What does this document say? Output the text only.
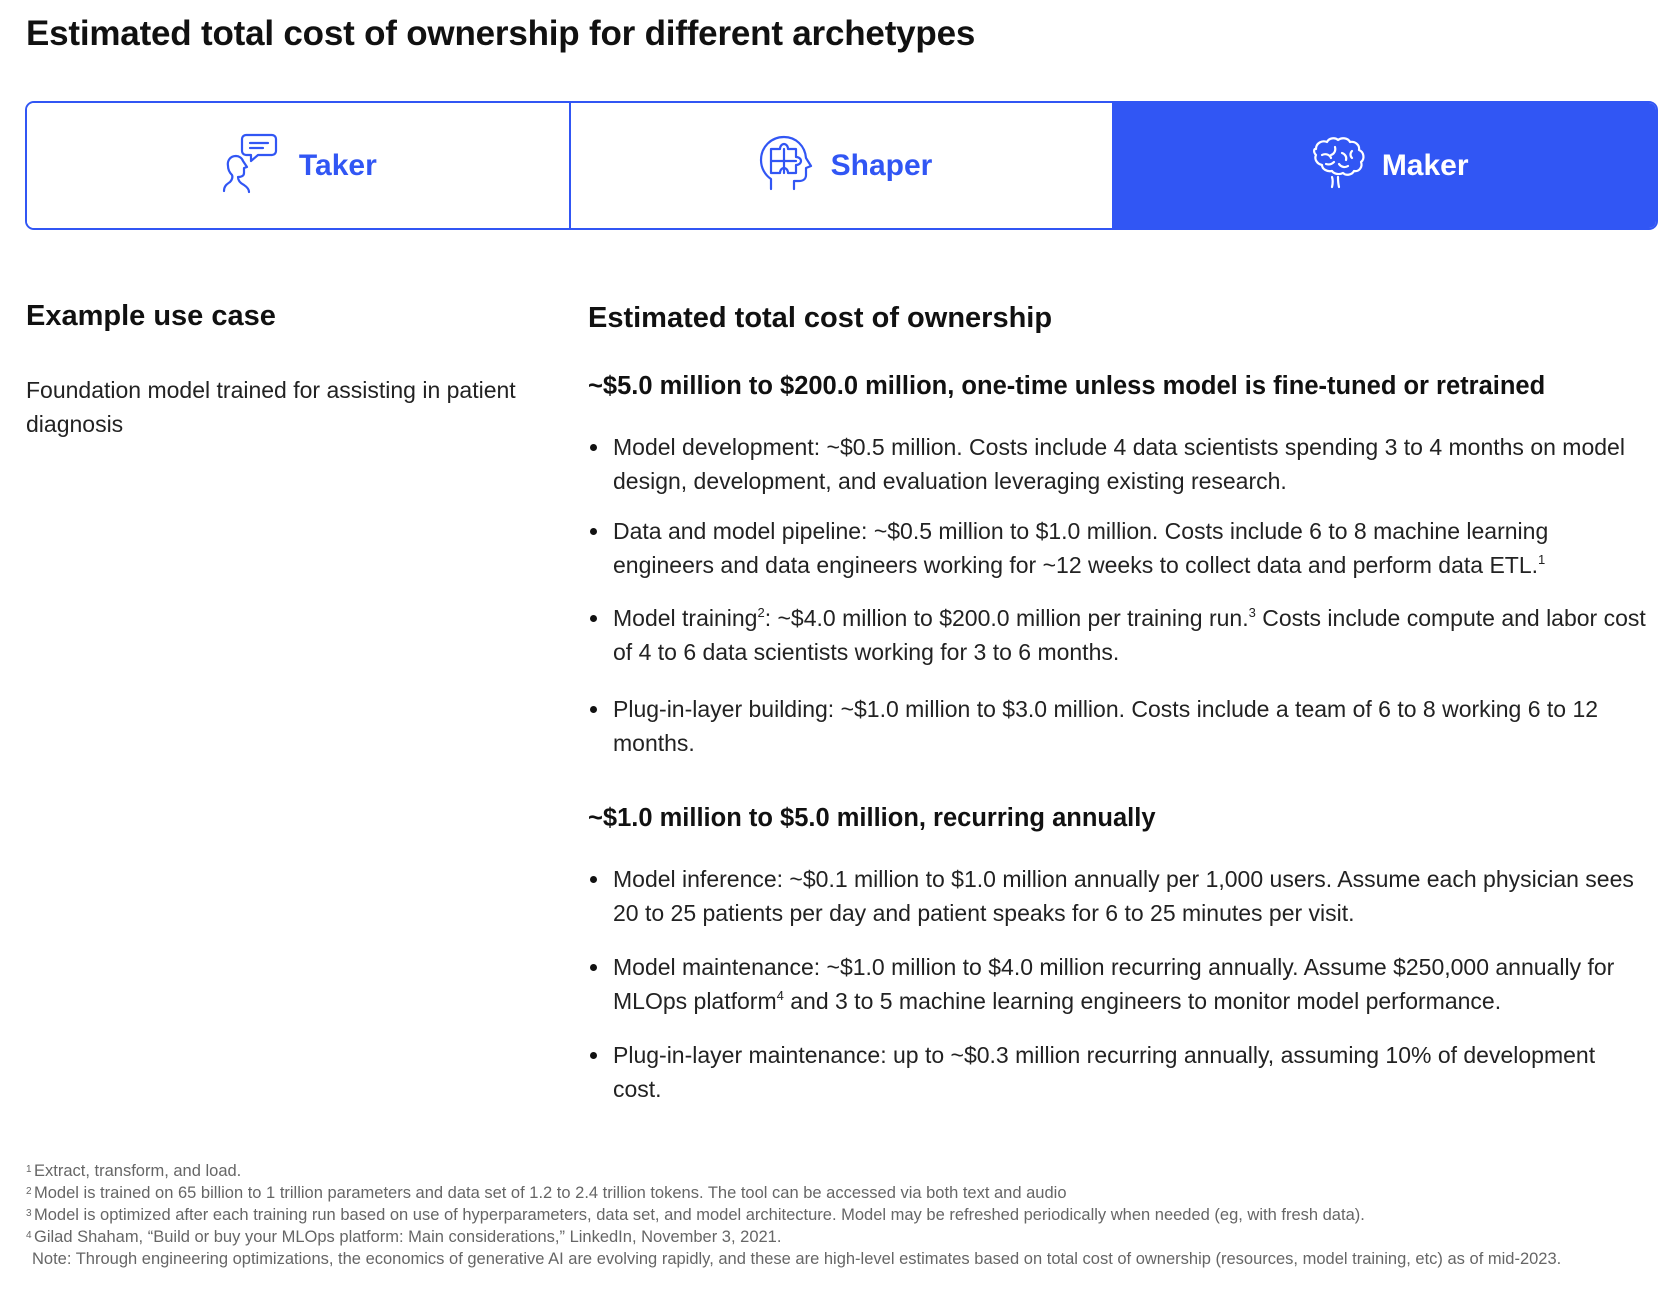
Estimated total cost of ownership for different archetypes
Taker	Shaper	Maker
Example use case

Foundation model trained for assisting in patient diagnosis

Estimated total cost of ownership
~$5.0 million to $200.0 million, one-time unless model is fine-tuned or retrained
Model development: ~$0.5 million. Costs include 4 data scientists spending 3 to 4 months on model design, development, and evaluation leveraging existing research.
Data and model pipeline: ~$0.5 million to $1.0 million. Costs include 6 to 8 machine learning engineers and data engineers working for ~12 weeks to collect data and perform data ETL.$^1$
Model training$^2$: ~$4.0 million to $200.0 million per training run.$^3$ Costs include compute and labor cost of 4 to 6 data scientists working for 3 to 6 months.
Plug-in-layer building: ~$1.0 million to $3.0 million. Costs include a team of 6 to 8 working 6 to 12 months.
~$1.0 million to $5.0 million, recurring annually
Model inference: ~$0.1 million to $1.0 million annually per 1,000 users. Assume each physician sees 20 to 25 patients per day and patient speaks for 6 to 25 minutes per visit.
Model maintenance: ~$1.0 million to $4.0 million recurring annually. Assume $250,000 annually for MLOps platform$^4$ and 3 to 5 machine learning engineers to monitor model performance.
Plug-in-layer maintenance: up to ~$0.3 million recurring annually, assuming 10% of development cost.
1 Extract, transform, and load.
2 Model is trained on 65 billion to 1 trillion parameters and data set of 1.2 to 2.4 trillion tokens. The tool can be accessed via both text and audio
3 Model is optimized after each training run based on use of hyperparameters, data set, and model architecture. Model may be refreshed periodically when needed (eg, with fresh data).
4 Gilad Shaham, “Build or buy your MLOps platform: Main considerations,” LinkedIn, November 3, 2021.
Note: Through engineering optimizations, the economics of generative AI are evolving rapidly, and these are high-level estimates based on total cost of ownership (resources, model training, etc) as of mid-2023.
